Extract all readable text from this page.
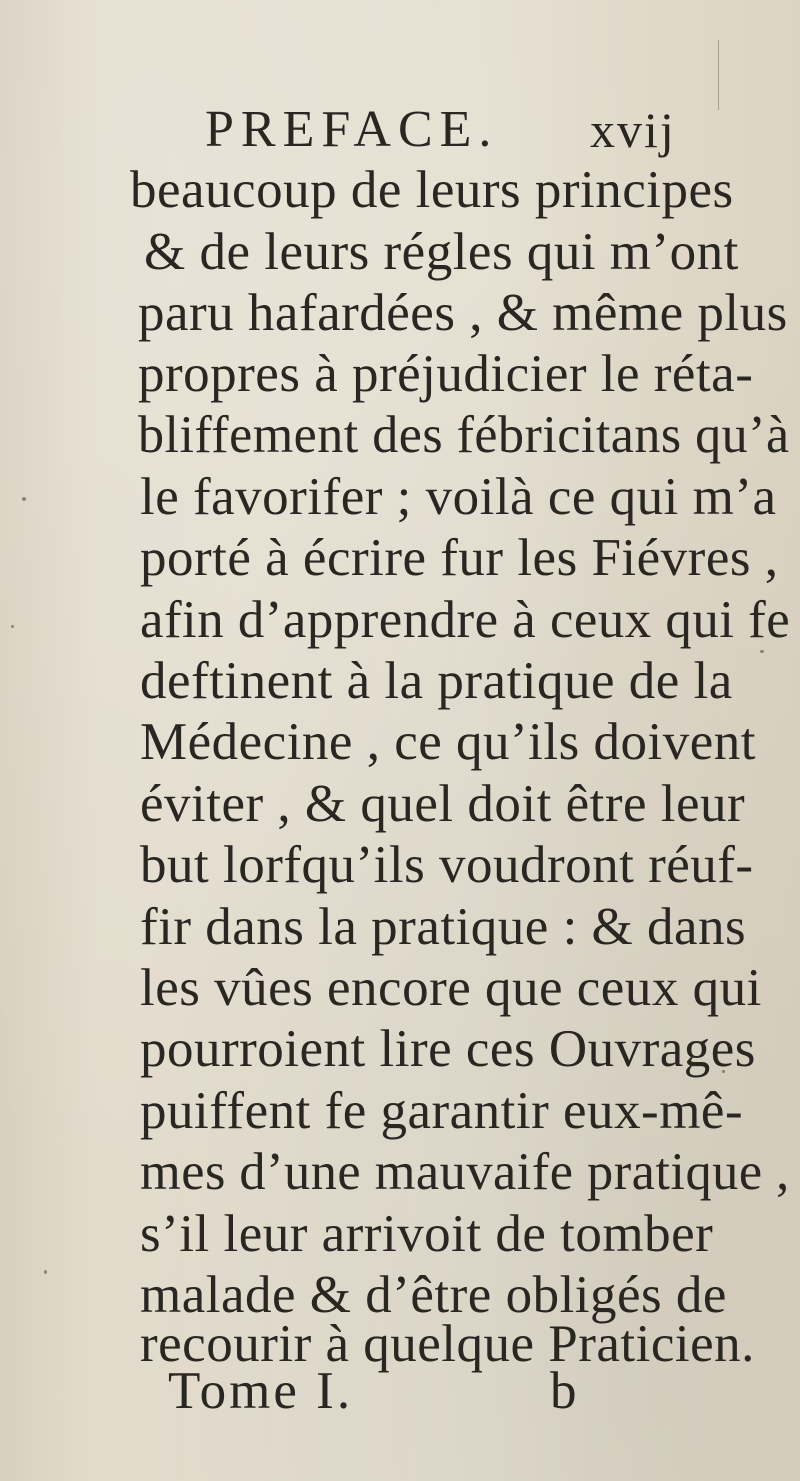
PREFACE. xvij
beaucoup de leurs principes
& de leurs régles qui m’ont
paru hafardées , & même plus
propres à préjudicier le réta-
bliffement des fébricitans qu’à
le favorifer ; voilà ce qui m’a
porté à écrire fur les Fiévres ,
afin d’apprendre à ceux qui fe
deftinent à la pratique de la
Médecine , ce qu’ils doivent
éviter , & quel doit être leur
but lorfqu’ils voudront réuf-
fir dans la pratique : & dans
les vûes encore que ceux qui
pourroient lire ces Ouvrages
puiffent fe garantir eux-mê-
mes d’une mauvaife pratique ,
s’il leur arrivoit de tomber
malade & d’être obligés de
recourir à quelque Praticien.
Tome I.	b
